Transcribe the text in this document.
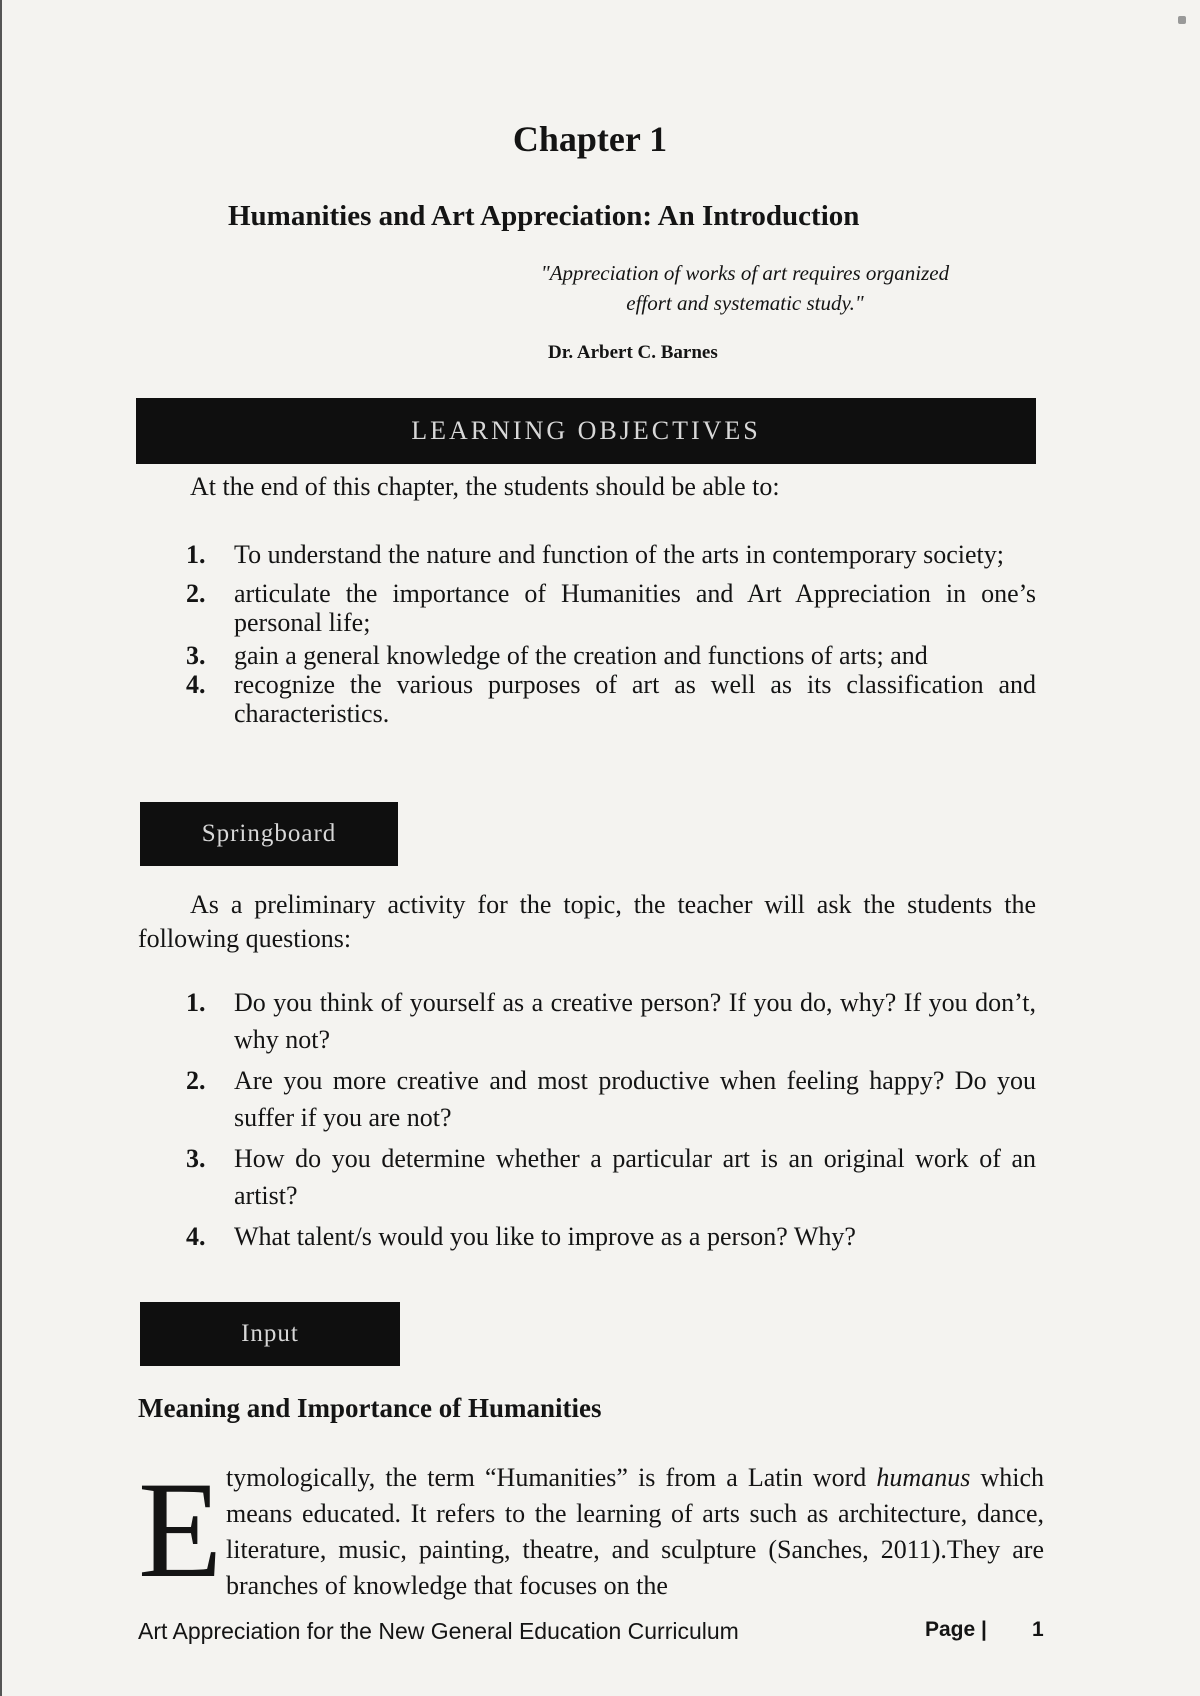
Chapter 1
Humanities and Art Appreciation: An Introduction
"Appreciation of works of art requires organized
effort and systematic study."
Dr. Arbert C. Barnes
LEARNING OBJECTIVES
At the end of this chapter, the students should be able to:
1. To understand the nature and function of the arts in contemporary society;
2. articulate the importance of Humanities and Art Appreciation in one’s personal life;
3. gain a general knowledge of the creation and functions of arts; and
4. recognize the various purposes of art as well as its classification and characteristics.
Springboard
As a preliminary activity for the topic, the teacher will ask the students the following questions:
1. Do you think of yourself as a creative person? If you do, why? If you don’t, why not?
2. Are you more creative and most productive when feeling happy? Do you suffer if you are not?
3. How do you determine whether a particular art is an original work of an artist?
4. What talent/s would you like to improve as a person? Why?
Input
Meaning and Importance of Humanities
E tymologically, the term “Humanities” is from a Latin word humanus which means educated. It refers to the learning of arts such as architecture, dance, literature, music, painting, theatre, and sculpture (Sanches, 2011).They are branches of knowledge that focuses on the
Art Appreciation for the New General Education Curriculum	Page | 1
